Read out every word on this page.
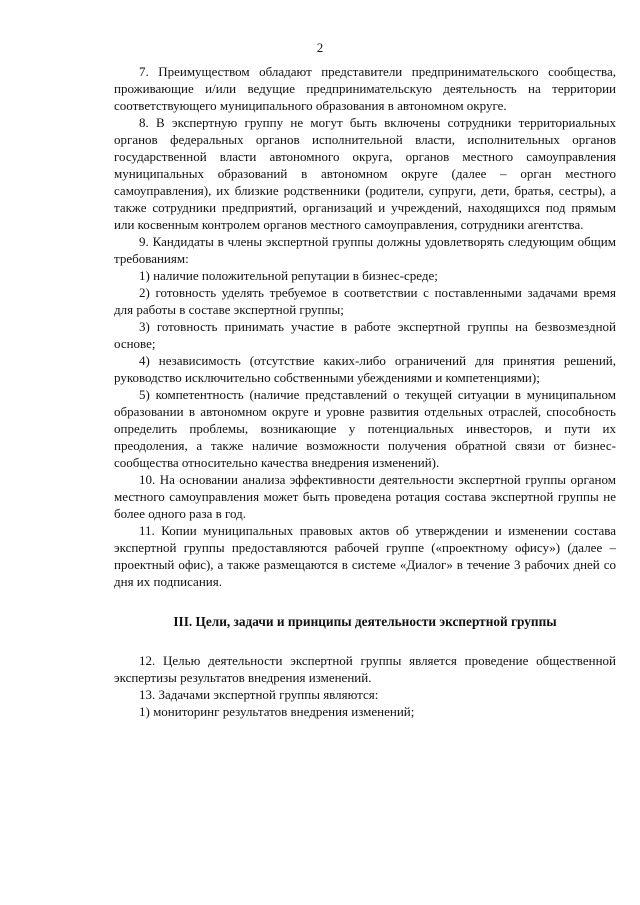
2

7. Преимуществом обладают представители предпринимательского сообщества, проживающие и/или ведущие предпринимательскую деятельность на территории соответствующего муниципального образования в автономном округе.

8. В экспертную группу не могут быть включены сотрудники территориальных органов федеральных органов исполнительной власти, исполнительных органов государственной власти автономного округа, органов местного самоуправления муниципальных образований в автономном округе (далее – орган местного самоуправления), их близкие родственники (родители, супруги, дети, братья, сестры), а также сотрудники предприятий, организаций и учреждений, находящихся под прямым или косвенным контролем органов местного самоуправления, сотрудники агентства.

9. Кандидаты в члены экспертной группы должны удовлетворять следующим общим требованиям:

1) наличие положительной репутации в бизнес-среде;

2) готовность уделять требуемое в соответствии с поставленными задачами время для работы в составе экспертной группы;

3) готовность принимать участие в работе экспертной группы на безвозмездной основе;

4) независимость (отсутствие каких-либо ограничений для принятия решений, руководство исключительно собственными убеждениями и компетенциями);

5) компетентность (наличие представлений о текущей ситуации в муниципальном образовании в автономном округе и уровне развития отдельных отраслей, способность определить проблемы, возникающие у потенциальных инвесторов, и пути их преодоления, а также наличие возможности получения обратной связи от бизнес-сообщества относительно качества внедрения изменений).

10. На основании анализа эффективности деятельности экспертной группы органом местного самоуправления может быть проведена ротация состава экспертной группы не более одного раза в год.

11. Копии муниципальных правовых актов об утверждении и изменении состава экспертной группы предоставляются рабочей группе («проектному офису») (далее – проектный офис), а также размещаются в системе «Диалог» в течение 3 рабочих дней со дня их подписания.

III. Цели, задачи и принципы деятельности экспертной группы

12. Целью деятельности экспертной группы является проведение общественной экспертизы результатов внедрения изменений.

13. Задачами экспертной группы являются:

1) мониторинг результатов внедрения изменений;
